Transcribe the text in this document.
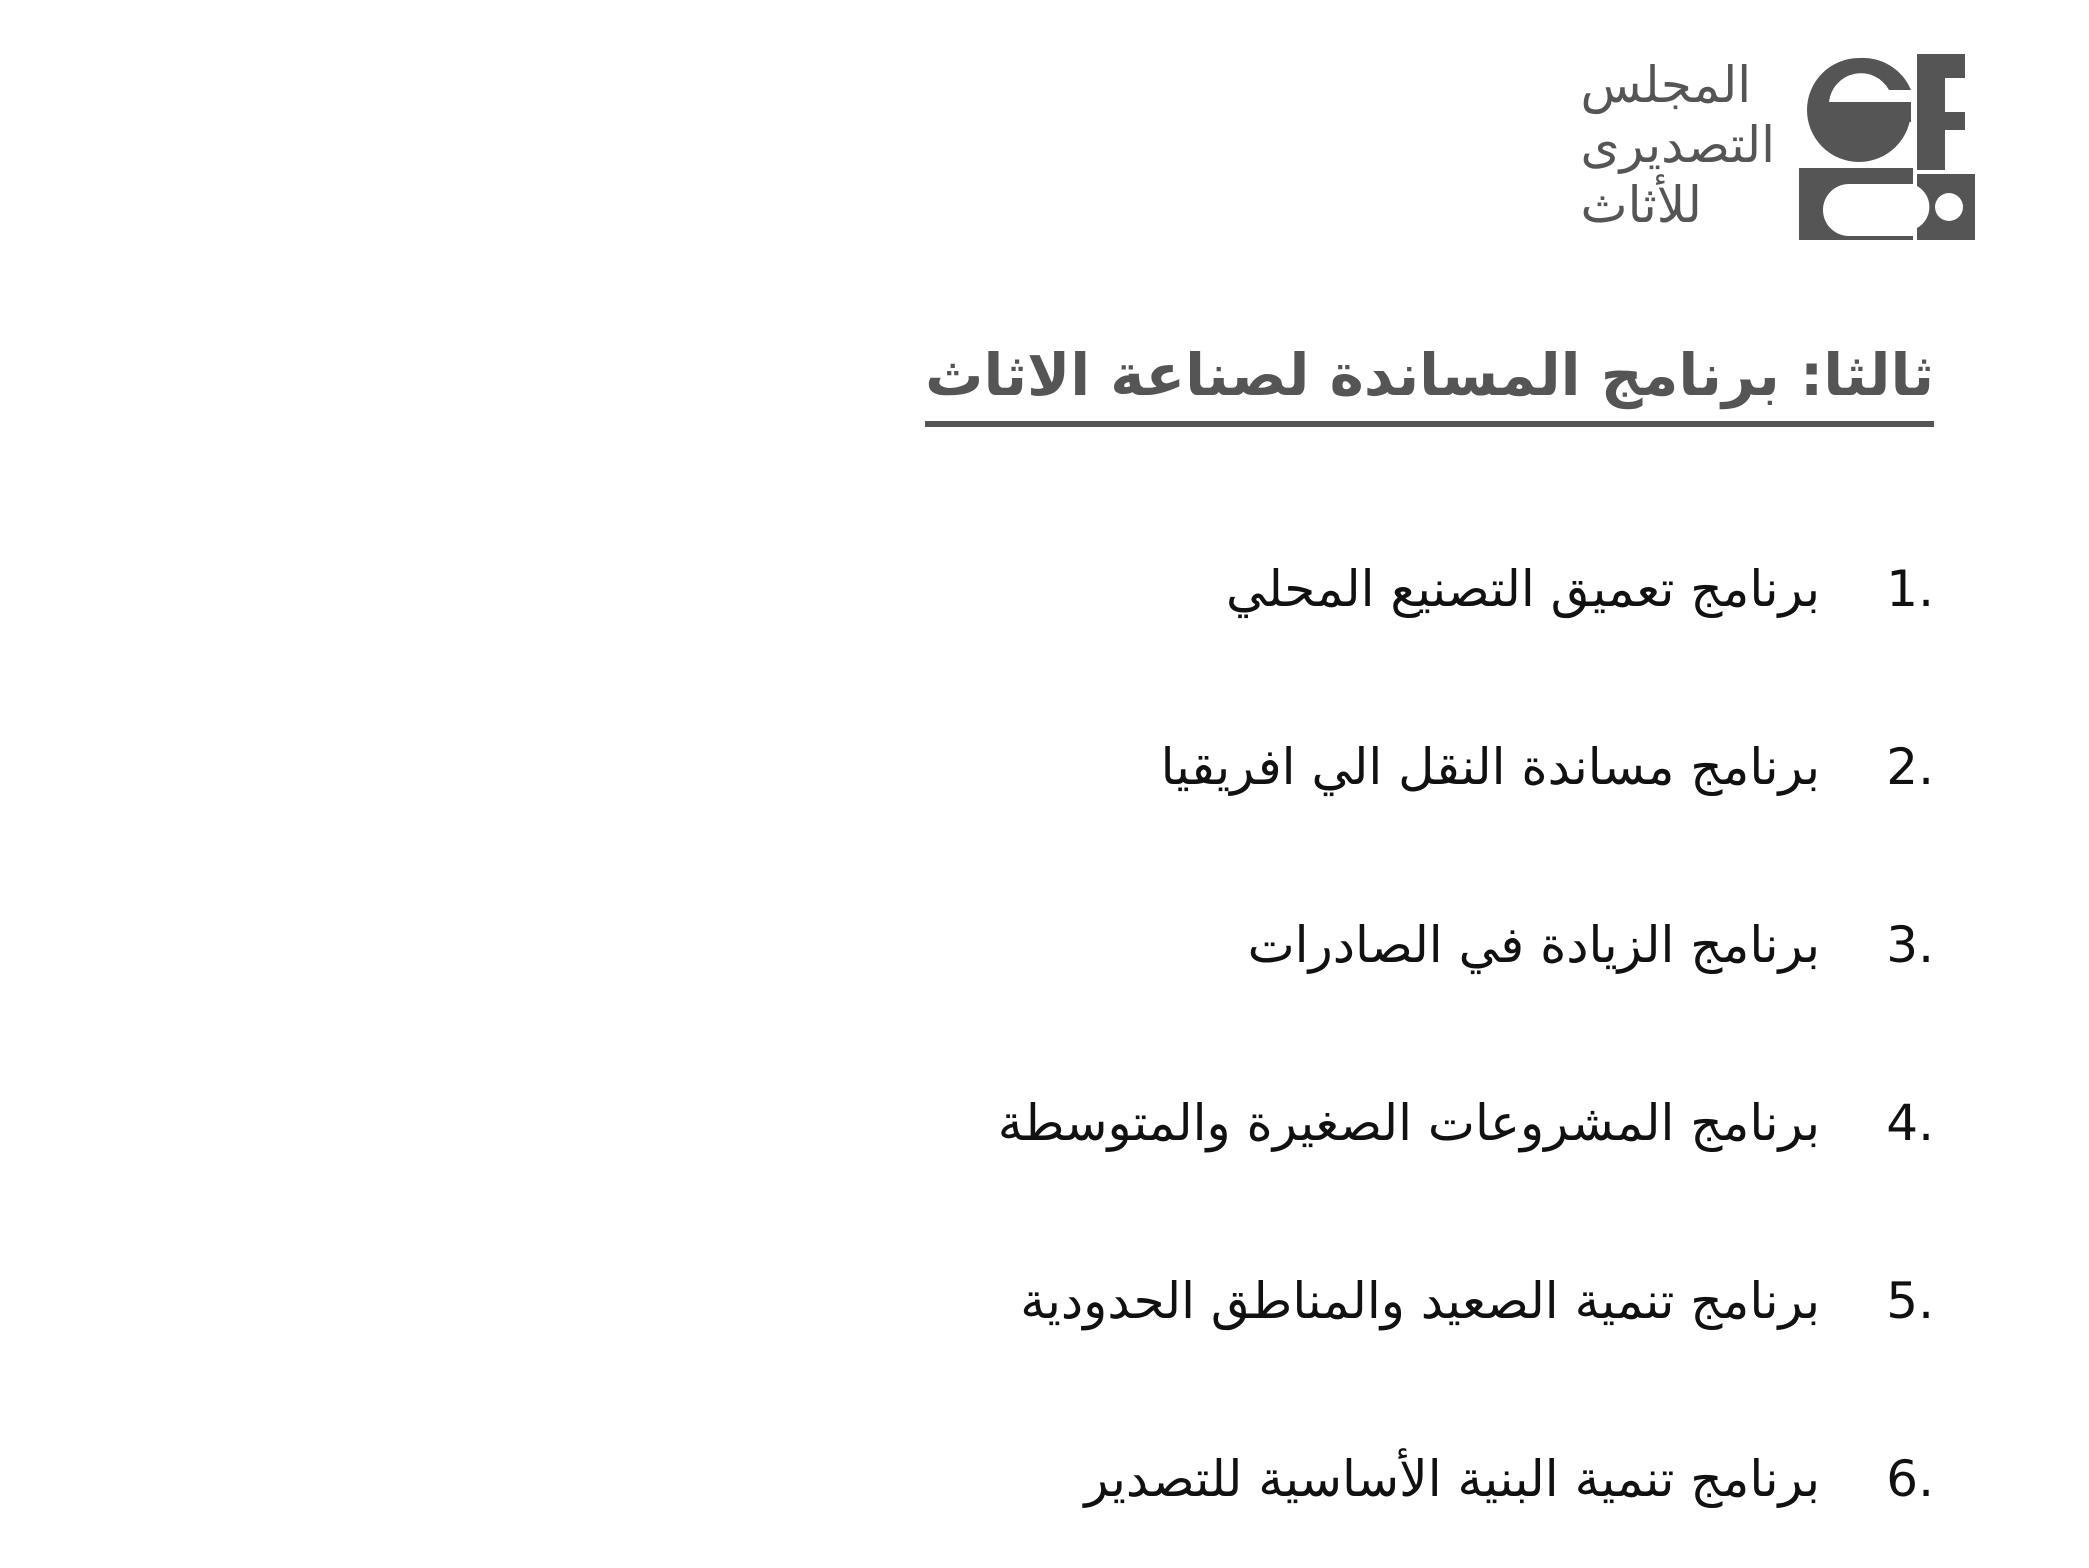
المجلس
التصديرى
للأثاث
ثالثا: برنامج المساندة لصناعة الاثاث
1.
برنامج تعميق التصنيع المحلي
2.
برنامج مساندة النقل الي افريقيا
3.
برنامج الزيادة في الصادرات
4.
برنامج المشروعات الصغيرة والمتوسطة
5.
برنامج تنمية الصعيد والمناطق الحدودية
6.
برنامج تنمية البنية الأساسية للتصدير
